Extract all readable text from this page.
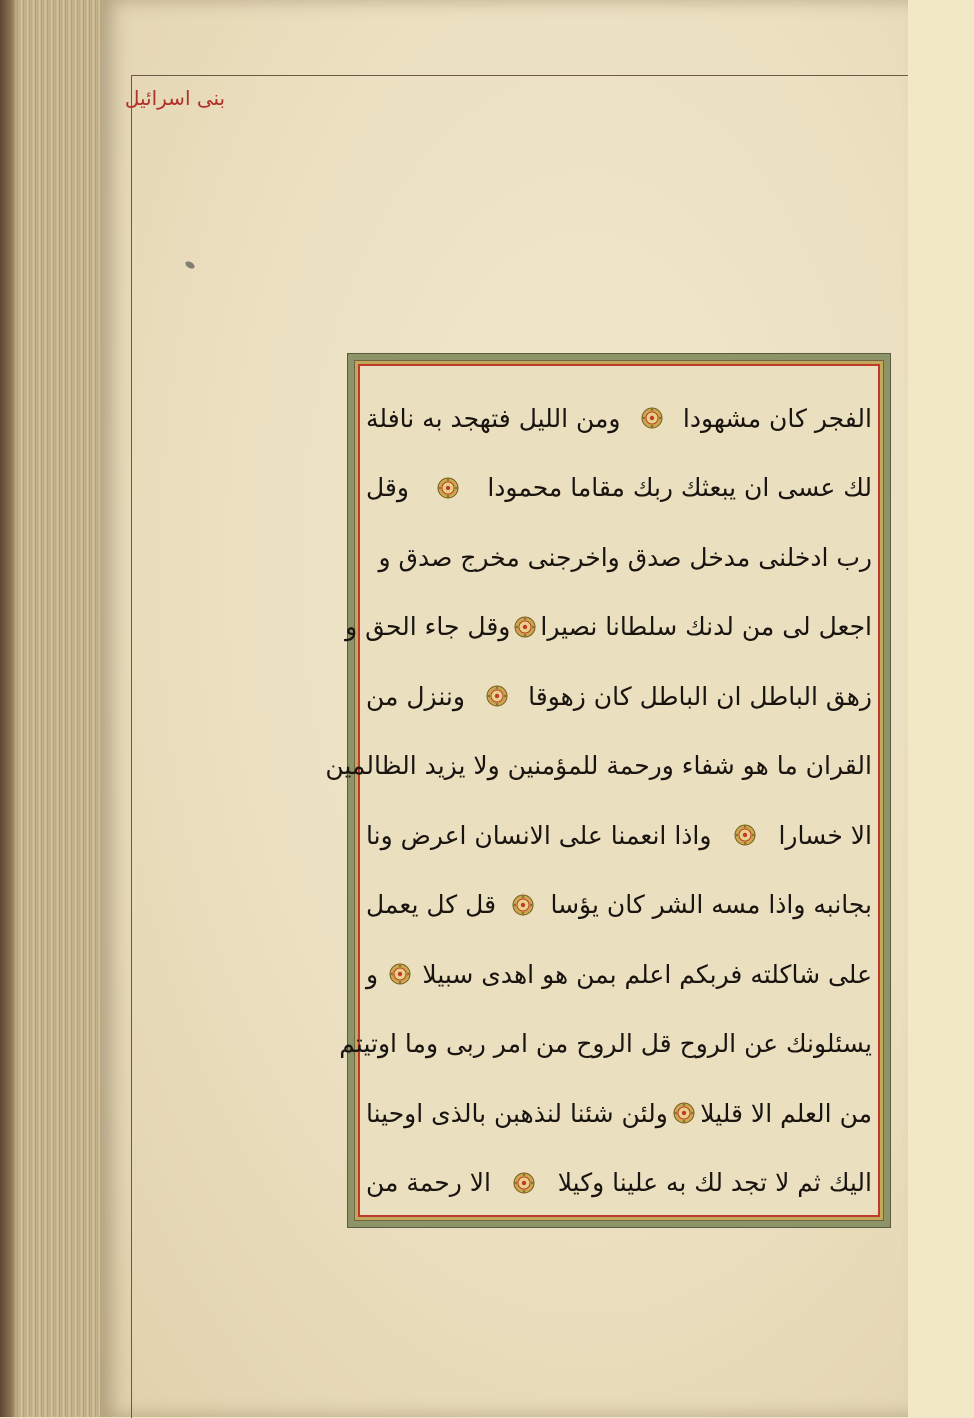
بنی اسرائیل
الفجر كان مشهودا
ومن الليل فتهجد به نافلة
لك عسى ان يبعثك ربك مقاما محمودا
وقل
رب ادخلنى مدخل صدق واخرجنى مخرج صدق و
اجعل لى من لدنك سلطانا نصيرا
وقل جاء الحق و
زهق الباطل ان الباطل كان زهوقا
وننزل من
القران ما هو شفاء ورحمة للمؤمنين ولا يزيد الظالمين
الا خسارا
واذا انعمنا على الانسان اعرض ونا
بجانبه واذا مسه الشر كان يؤسا
قل كل يعمل
على شاكلته فربكم اعلم بمن هو اهدى سبيلا
و
يسئلونك عن الروح قل الروح من امر ربى وما اوتيتم
من العلم الا قليلا
ولئن شئنا لنذهبن بالذى اوحينا
اليك ثم لا تجد لك به علينا وكيلا
الا رحمة من
